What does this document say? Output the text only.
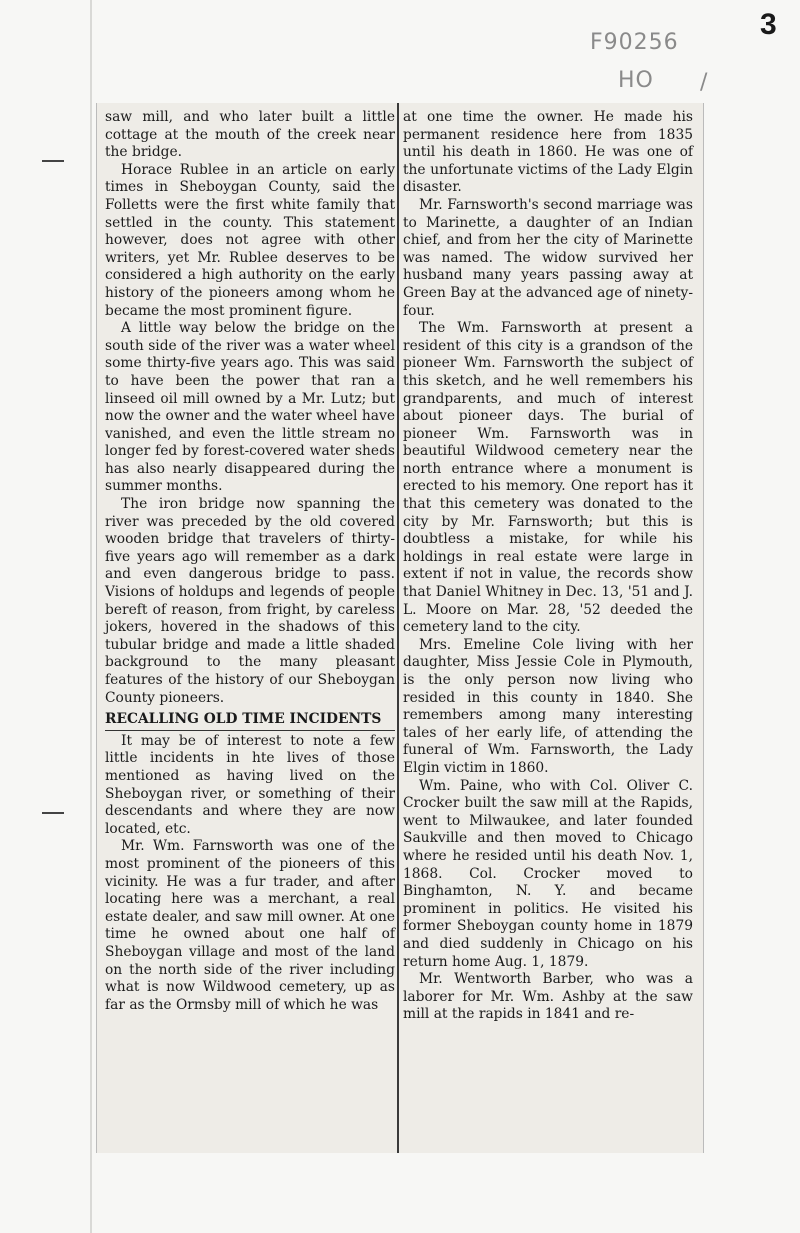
3
F90256
HO /

saw mill, and who later built a little cottage at the mouth of the creek near the bridge.

Horace Rublee in an article on early times in Sheboygan County, said the Folletts were the first white family that settled in the county. This statement however, does not agree with other writers, yet Mr. Rublee deserves to be considered a high authority on the early history of the pioneers among whom he became the most prominent figure.

A little way below the bridge on the south side of the river was a water wheel some thirty-five years ago. This was said to have been the power that ran a linseed oil mill owned by a Mr. Lutz; but now the owner and the water wheel have vanished, and even the little stream no longer fed by forest-covered water sheds has also nearly disappeared during the summer months.

The iron bridge now spanning the river was preceded by the old covered wooden bridge that travelers of thirty-five years ago will remember as a dark and even dangerous bridge to pass. Visions of holdups and legends of people bereft of reason, from fright, by careless jokers, hovered in the shadows of this tubular bridge and made a little shaded background to the many pleasant features of the history of our Sheboygan County pioneers.

RECALLING OLD TIME INCIDENTS

It may be of interest to note a few little incidents in hte lives of those mentioned as having lived on the Sheboygan river, or something of their descendants and where they are now located, etc.

Mr. Wm. Farnsworth was one of the most prominent of the pioneers of this vicinity. He was a fur trader, and after locating here was a merchant, a real estate dealer, and saw mill owner. At one time he owned about one half of Sheboygan village and most of the land on the north side of the river including what is now Wildwood cemetery, up as far as the Ormsby mill of which he was

at one time the owner. He made his permanent residence here from 1835 until his death in 1860. He was one of the unfortunate victims of the Lady Elgin disaster.

Mr. Farnsworth's second marriage was to Marinette, a daughter of an Indian chief, and from her the city of Marinette was named. The widow survived her husband many years passing away at Green Bay at the advanced age of ninety-four.

The Wm. Farnsworth at present a resident of this city is a grandson of the pioneer Wm. Farnsworth the subject of this sketch, and he well remembers his grandparents, and much of interest about pioneer days. The burial of pioneer Wm. Farnsworth was in beautiful Wildwood cemetery near the north entrance where a monument is erected to his memory. One report has it that this cemetery was donated to the city by Mr. Farnsworth; but this is doubtless a mistake, for while his holdings in real estate were large in extent if not in value, the records show that Daniel Whitney in Dec. 13, '51 and J. L. Moore on Mar. 28, '52 deeded the cemetery land to the city.

Mrs. Emeline Cole living with her daughter, Miss Jessie Cole in Plymouth, is the only person now living who resided in this county in 1840. She remembers among many interesting tales of her early life, of attending the funeral of Wm. Farnsworth, the Lady Elgin victim in 1860.

Wm. Paine, who with Col. Oliver C. Crocker built the saw mill at the Rapids, went to Milwaukee, and later founded Saukville and then moved to Chicago where he resided until his death Nov. 1, 1868. Col. Crocker moved to Binghamton, N. Y. and became prominent in politics. He visited his former Sheboygan county home in 1879 and died suddenly in Chicago on his return home Aug. 1, 1879.

Mr. Wentworth Barber, who was a laborer for Mr. Wm. Ashby at the saw mill at the rapids in 1841 and re-
